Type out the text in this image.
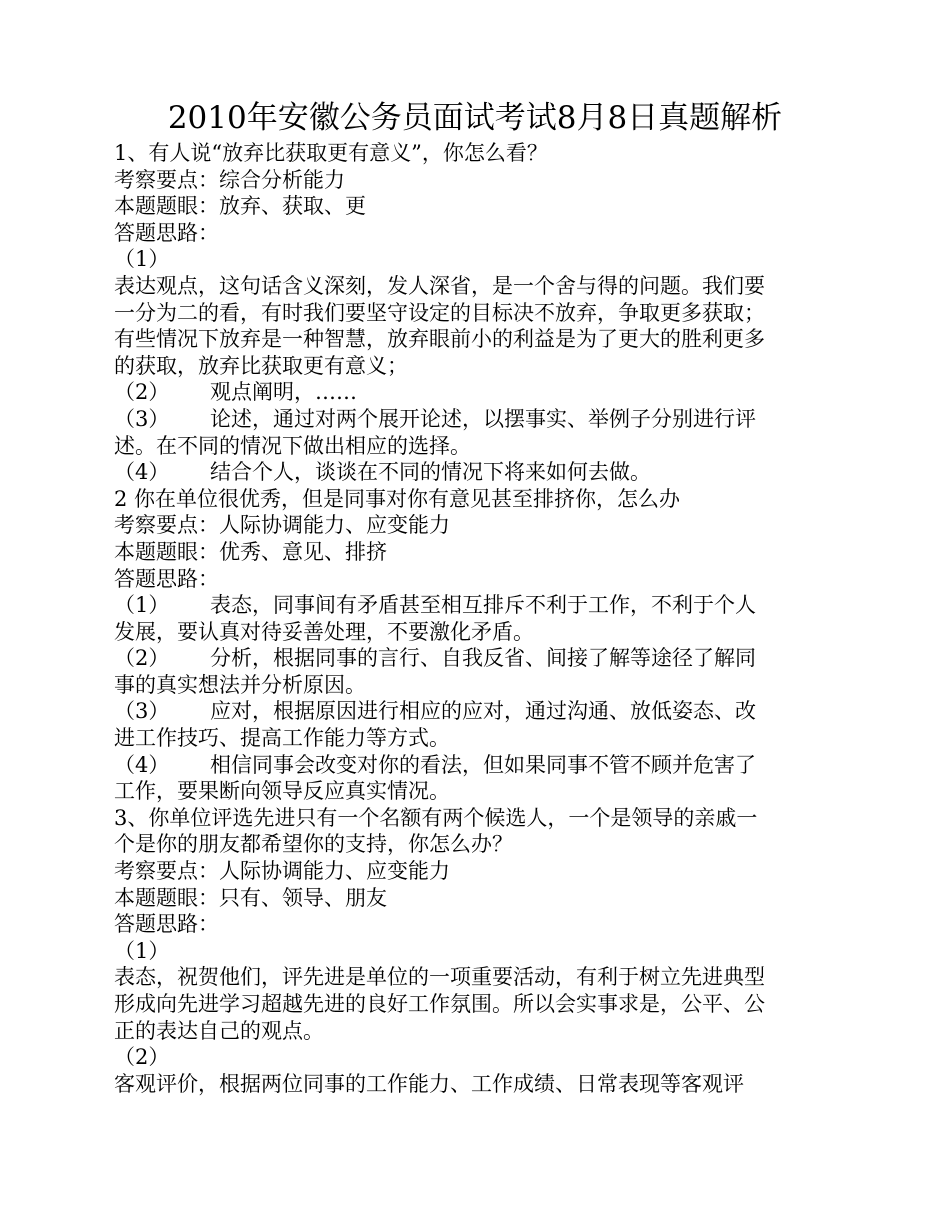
2010年安徽公务员面试考试8月8日真题解析
1、有人说“放弃比获取更有意义”，你怎么看？
考察要点：综合分析能力
本题题眼：放弃、获取、更
答题思路：
（1）
表达观点，这句话含义深刻，发人深省，是一个舍与得的问题。我们要
一分为二的看，有时我们要坚守设定的目标决不放弃，争取更多获取；
有些情况下放弃是一种智慧，放弃眼前小的利益是为了更大的胜利更多
的获取，放弃比获取更有意义；
（2） 观点阐明，……
（3） 论述，通过对两个展开论述，以摆事实、举例子分别进行评
述。在不同的情况下做出相应的选择。
（4） 结合个人，谈谈在不同的情况下将来如何去做。
2 你在单位很优秀，但是同事对你有意见甚至排挤你，怎么办
考察要点：人际协调能力、应变能力
本题题眼：优秀、意见、排挤
答题思路：
（1） 表态，同事间有矛盾甚至相互排斥不利于工作，不利于个人
发展，要认真对待妥善处理，不要激化矛盾。
（2） 分析，根据同事的言行、自我反省、间接了解等途径了解同
事的真实想法并分析原因。
（3） 应对，根据原因进行相应的应对，通过沟通、放低姿态、改
进工作技巧、提高工作能力等方式。
（4） 相信同事会改变对你的看法，但如果同事不管不顾并危害了
工作，要果断向领导反应真实情况。
3、你单位评选先进只有一个名额有两个候选人，一个是领导的亲戚一
个是你的朋友都希望你的支持，你怎么办？
考察要点：人际协调能力、应变能力
本题题眼：只有、领导、朋友
答题思路：
（1）
表态，祝贺他们，评先进是单位的一项重要活动，有利于树立先进典型
形成向先进学习超越先进的良好工作氛围。所以会实事求是，公平、公
正的表达自己的观点。
（2）
客观评价，根据两位同事的工作能力、工作成绩、日常表现等客观评
